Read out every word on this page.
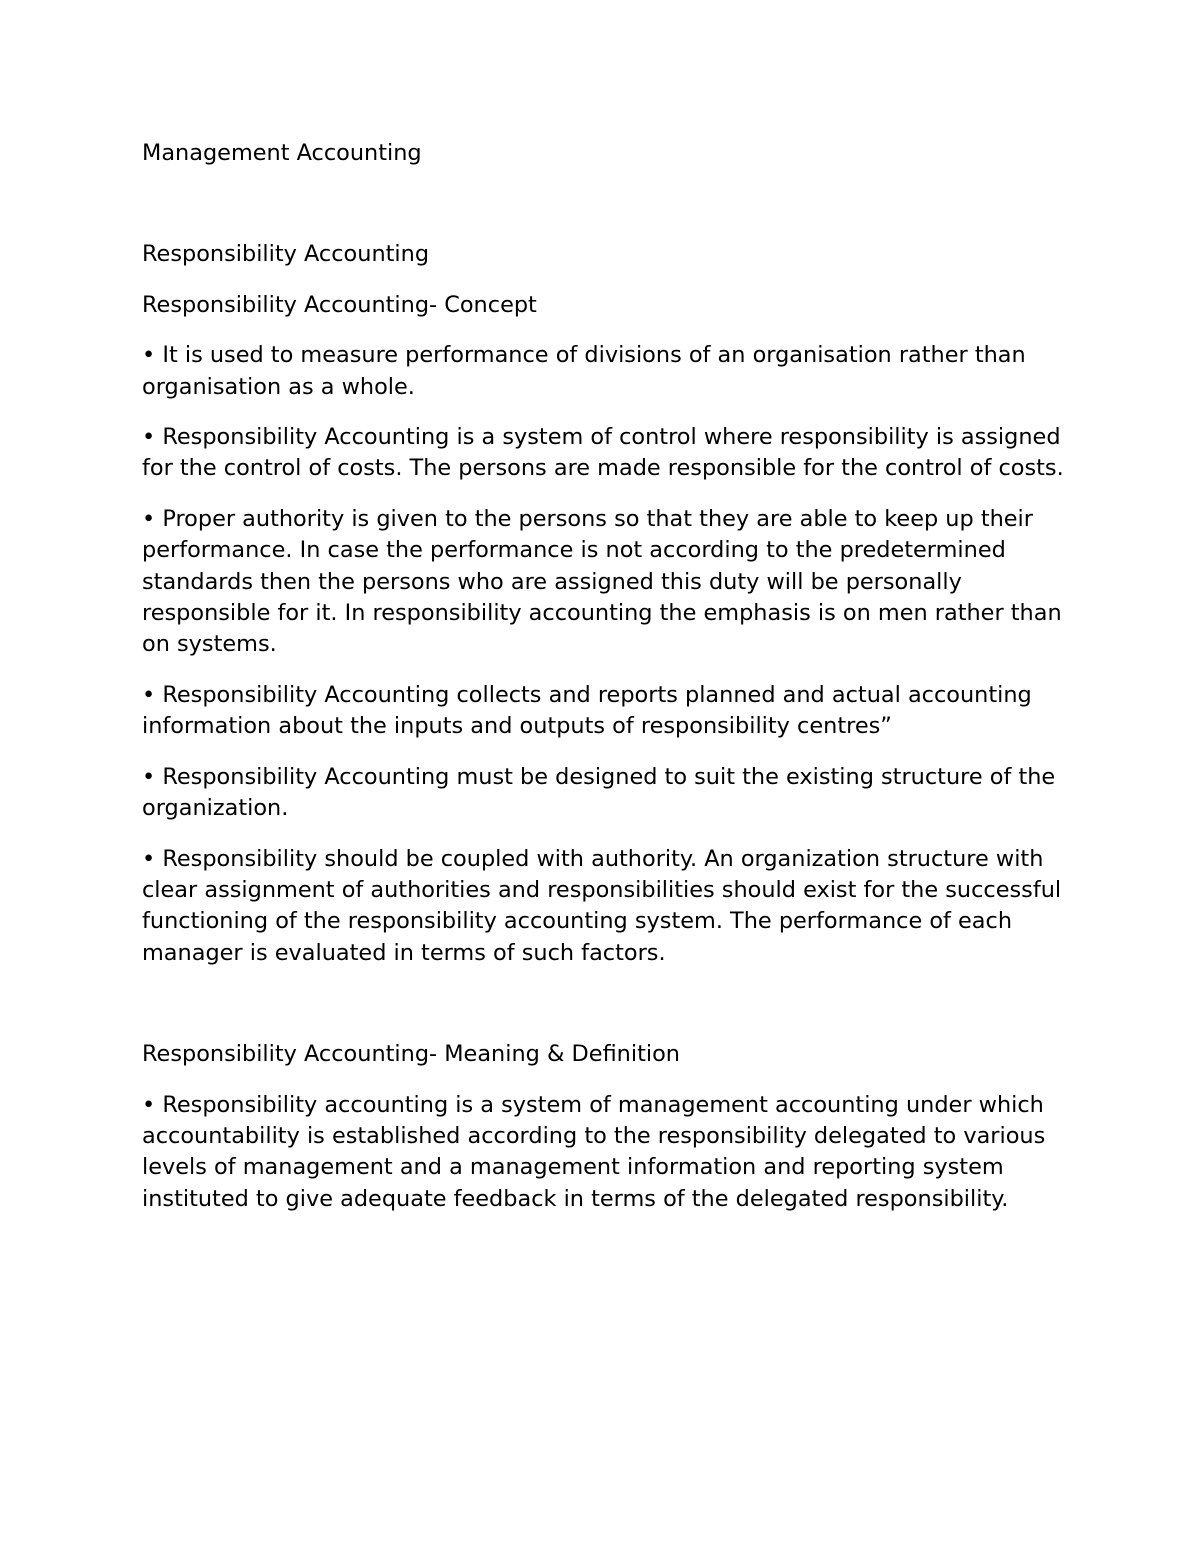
Management Accounting

Responsibility Accounting

Responsibility Accounting- Concept

• It is used to measure performance of divisions of an organisation rather than organisation as a whole.
• Responsibility Accounting is a system of control where responsibility is assigned for the control of costs. The persons are made responsible for the control of costs.
• Proper authority is given to the persons so that they are able to keep up their performance. In case the performance is not according to the predetermined standards then the persons who are assigned this duty will be personally responsible for it. In responsibility accounting the emphasis is on men rather than on systems.
• Responsibility Accounting collects and reports planned and actual accounting information about the inputs and outputs of responsibility centres”
• Responsibility Accounting must be designed to suit the existing structure of the organization.
• Responsibility should be coupled with authority. An organization structure with clear assignment of authorities and responsibilities should exist for the successful functioning of the responsibility accounting system. The performance of each manager is evaluated in terms of such factors.

Responsibility Accounting- Meaning & Definition

• Responsibility accounting is a system of management accounting under which accountability is established according to the responsibility delegated to various levels of management and a management information and reporting system instituted to give adequate feedback in terms of the delegated responsibility.
